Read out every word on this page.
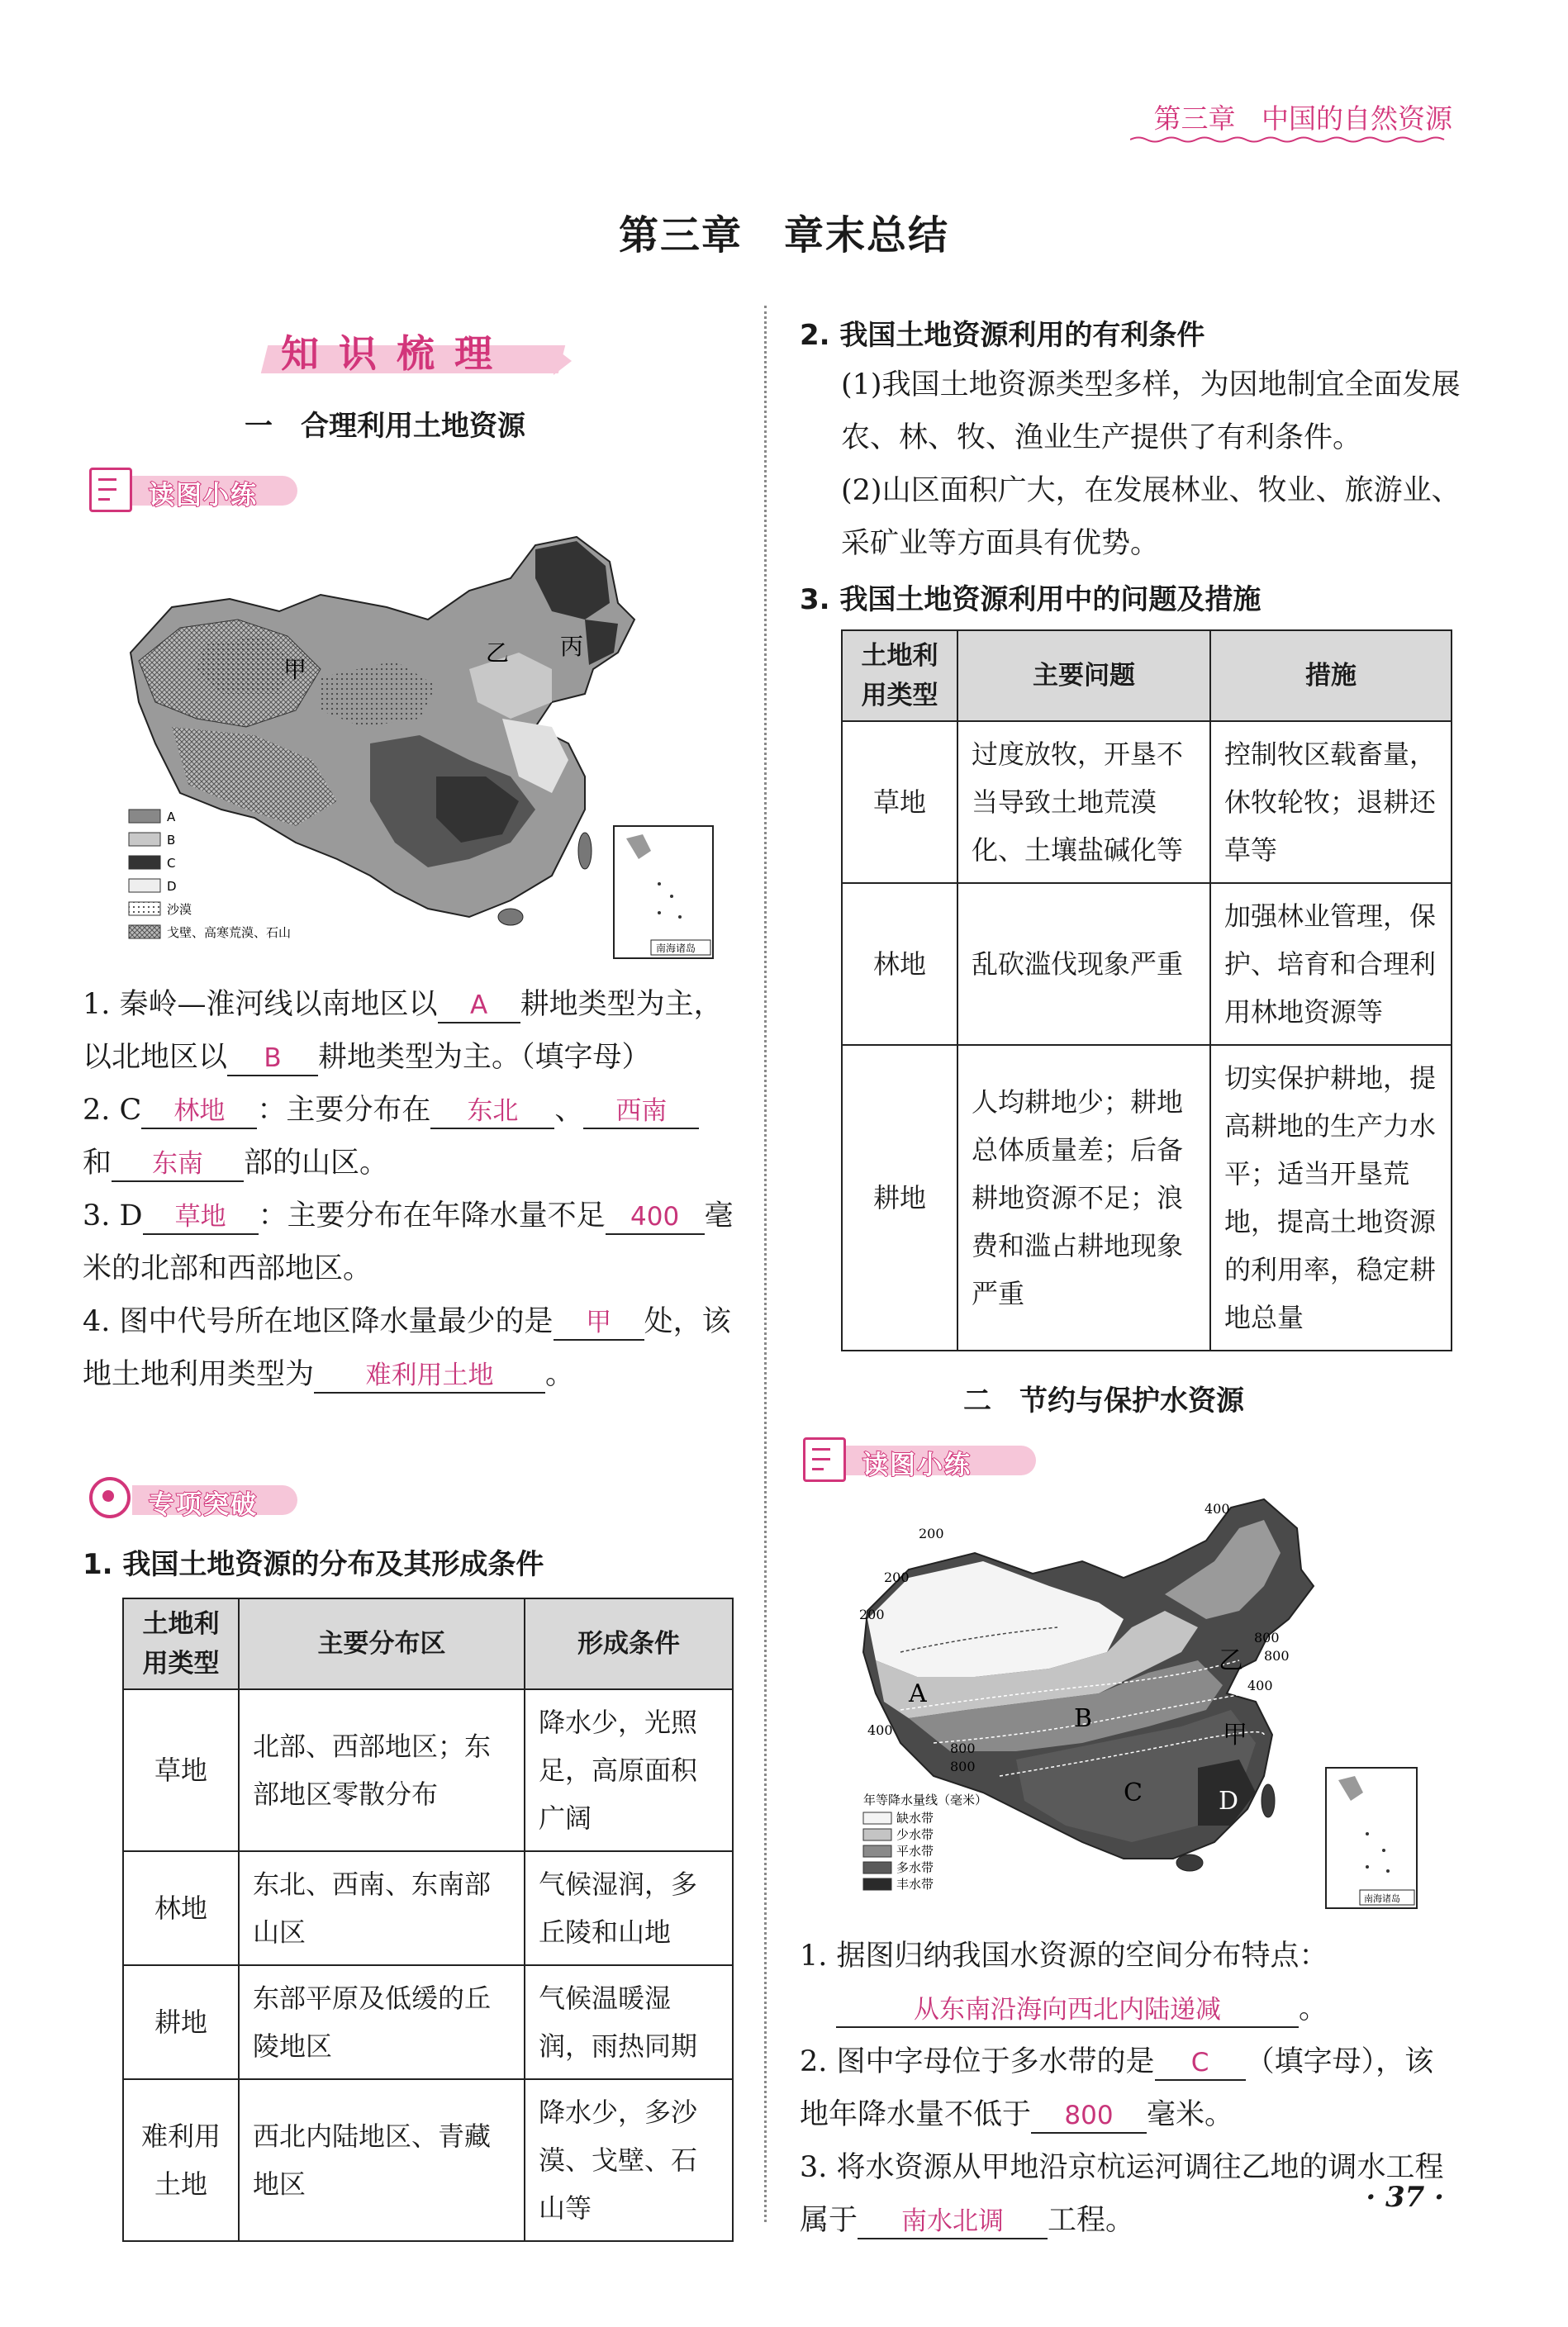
第三章 中国的自然资源
第三章　章末总结
知识梳理
一　合理利用土地资源
读图小练
甲
乙 丙
A
B
C
D
沙漠
戈壁、高寒荒漠、石山
南海诸岛
1. 秦岭—淮河线以南地区以 A 耕地类型为主，以北地区以 B 耕地类型为主。（填字母）
2. C 林地 ：主要分布在 东北 、 西南
和 东南 部的山区。
3. D 草地 ：主要分布在年降水量不足 400 毫米的北部和西部地区。
4. 图中代号所在地区降水量最少的是 甲 处，该地土地利用类型为 难利用土地 。
专项突破
1. 我国土地资源的分布及其形成条件
土地利用类型	主要分布区	形成条件
草地	北部、西部地区；东部地区零散分布	降水少，光照足，高原面积广阔
林地	东北、西南、东南部山区	气候湿润，多丘陵和山地
耕地	东部平原及低缓的丘陵地区	气候温暖湿润，雨热同期
难利用土地	西北内陆地区、青藏地区	降水少，多沙漠、戈壁、石山等
2. 我国土地资源利用的有利条件
(1)我国土地资源类型多样，为因地制宜全面发展农、林、牧、渔业生产提供了有利条件。
(2)山区面积广大，在发展林业、牧业、旅游业、采矿业等方面具有优势。
3. 我国土地资源利用中的问题及措施
土地利用类型	主要问题	措施
草地	过度放牧，开垦不当导致土地荒漠化、土壤盐碱化等	控制牧区载畜量，休牧轮牧；退耕还草等
林地	乱砍滥伐现象严重	加强林业管理，保护、培育和合理利用林地资源等
耕地	人均耕地少；耕地总体质量差；后备耕地资源不足；浪费和滥占耕地现象严重	切实保护耕地，提高耕地的生产力水平；适当开垦荒地，提高土地资源的利用率，稳定耕地总量
二　节约与保护水资源
读图小练
200
200
200
400
800
400
800
800
400
800
A
B
C	D
乙
甲
年等降水量线（毫米）
缺水带
少水带
平水带
多水带
丰水带
南海诸岛
1. 据图归纳我国水资源的空间分布特点：
从东南沿海向西北内陆递减	。
2. 图中字母位于多水带的是 C （填字母），该地年降水量不低于 800 毫米。
3. 将水资源从甲地沿京杭运河调往乙地的调水工程属于 南水北调 工程。
· 37 ·
